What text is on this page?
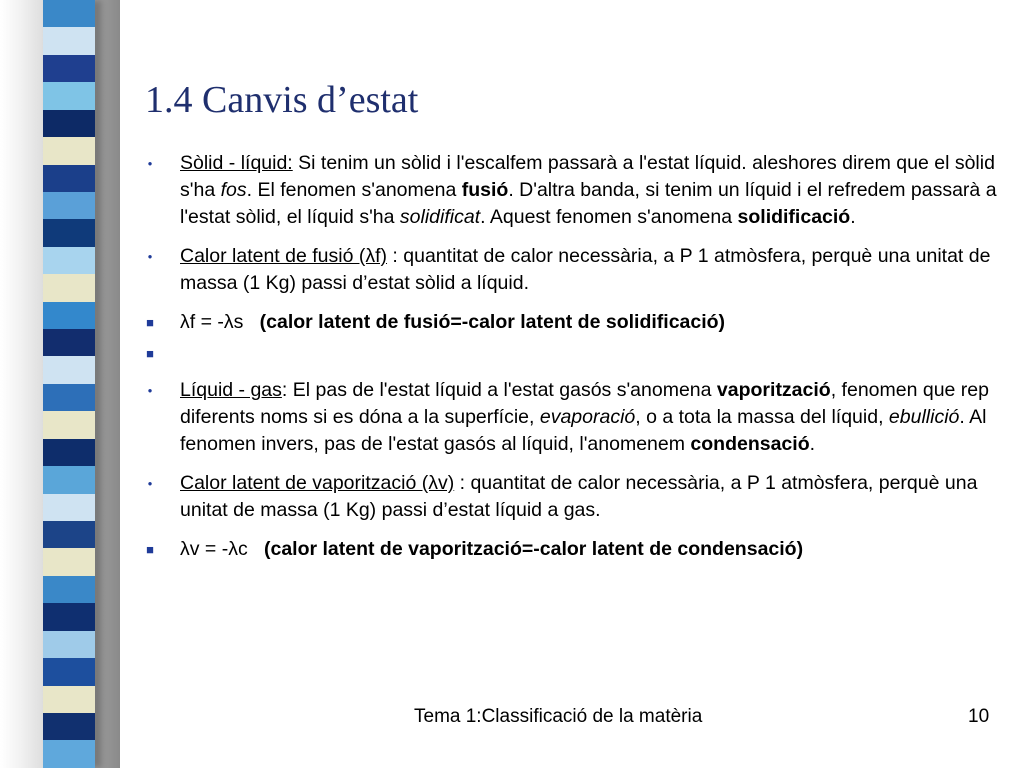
1.4 Canvis d’estat
●
Sòlid - líquid: Si tenim un sòlid i l'escalfem passarà a l'estat líquid. aleshores direm que el sòlid s'ha fos. El fenomen s'anomena fusió. D'altra banda, si tenim un líquid i el refredem passarà a l'estat sòlid, el líquid s'ha solidificat. Aquest fenomen s'anomena solidificació.
●
Calor latent de fusió (λf) : quantitat de calor necessària, a P 1 atmòsfera, perquè una unitat de massa (1 Kg) passi d’estat sòlid a líquid.
■ λf = -λs (calor latent de fusió=-calor latent de solidificació)
■
●
Líquid - gas: El pas de l'estat líquid a l'estat gasós s'anomena vaporització, fenomen que rep diferents noms si es dóna a la superfície, evaporació, o a tota la massa del líquid, ebullició. Al fenomen invers, pas de l'estat gasós al líquid, l'anomenem condensació.
●
Calor latent de vaporització (λv) : quantitat de calor necessària, a P 1 atmòsfera, perquè una unitat de massa (1 Kg) passi d’estat líquid a gas.
■ λv = -λc (calor latent de vaporització=-calor latent de condensació)
Tema 1:Classificació de la matèria	10
